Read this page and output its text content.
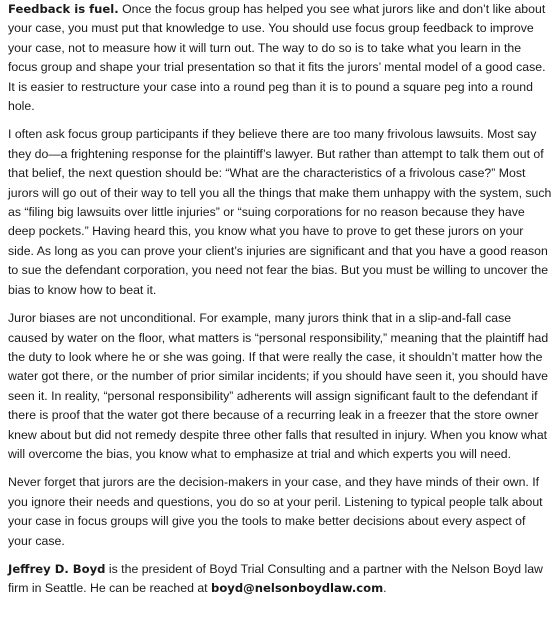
Feedback is fuel. Once the focus group has helped you see what jurors like and don’t like about your case, you must put that knowledge to use. You should use focus group feedback to improve your case, not to measure how it will turn out. The way to do so is to take what you learn in the focus group and shape your trial presentation so that it fits the jurors’ mental model of a good case. It is easier to restructure your case into a round peg than it is to pound a square peg into a round hole.

I often ask focus group participants if they believe there are too many frivolous lawsuits. Most say they do—a frightening response for the plaintiff’s lawyer. But rather than attempt to talk them out of that belief, the next question should be: “What are the characteristics of a frivolous case?” Most jurors will go out of their way to tell you all the things that make them unhappy with the system, such as “filing big lawsuits over little injuries” or “suing corporations for no reason because they have deep pockets.” Having heard this, you know what you have to prove to get these jurors on your side. As long as you can prove your client’s injuries are significant and that you have a good reason to sue the defendant corporation, you need not fear the bias. But you must be willing to uncover the bias to know how to beat it.

Juror biases are not unconditional. For example, many jurors think that in a slip-and-fall case caused by water on the floor, what matters is “personal responsibility,” meaning that the plaintiff had the duty to look where he or she was going. If that were really the case, it shouldn’t matter how the water got there, or the number of prior similar incidents; if you should have seen it, you should have seen it. In reality, “personal responsibility” adherents will assign significant fault to the defendant if there is proof that the water got there because of a recurring leak in a freezer that the store owner knew about but did not remedy despite three other falls that resulted in injury. When you know what will overcome the bias, you know what to emphasize at trial and which experts you will need.

Never forget that jurors are the decision-makers in your case, and they have minds of their own. If you ignore their needs and questions, you do so at your peril. Listening to typical people talk about your case in focus groups will give you the tools to make better decisions about every aspect of your case.

Jeffrey D. Boyd is the president of Boyd Trial Consulting and a partner with the Nelson Boyd law firm in Seattle. He can be reached at boyd@nelsonboydlaw.com.
